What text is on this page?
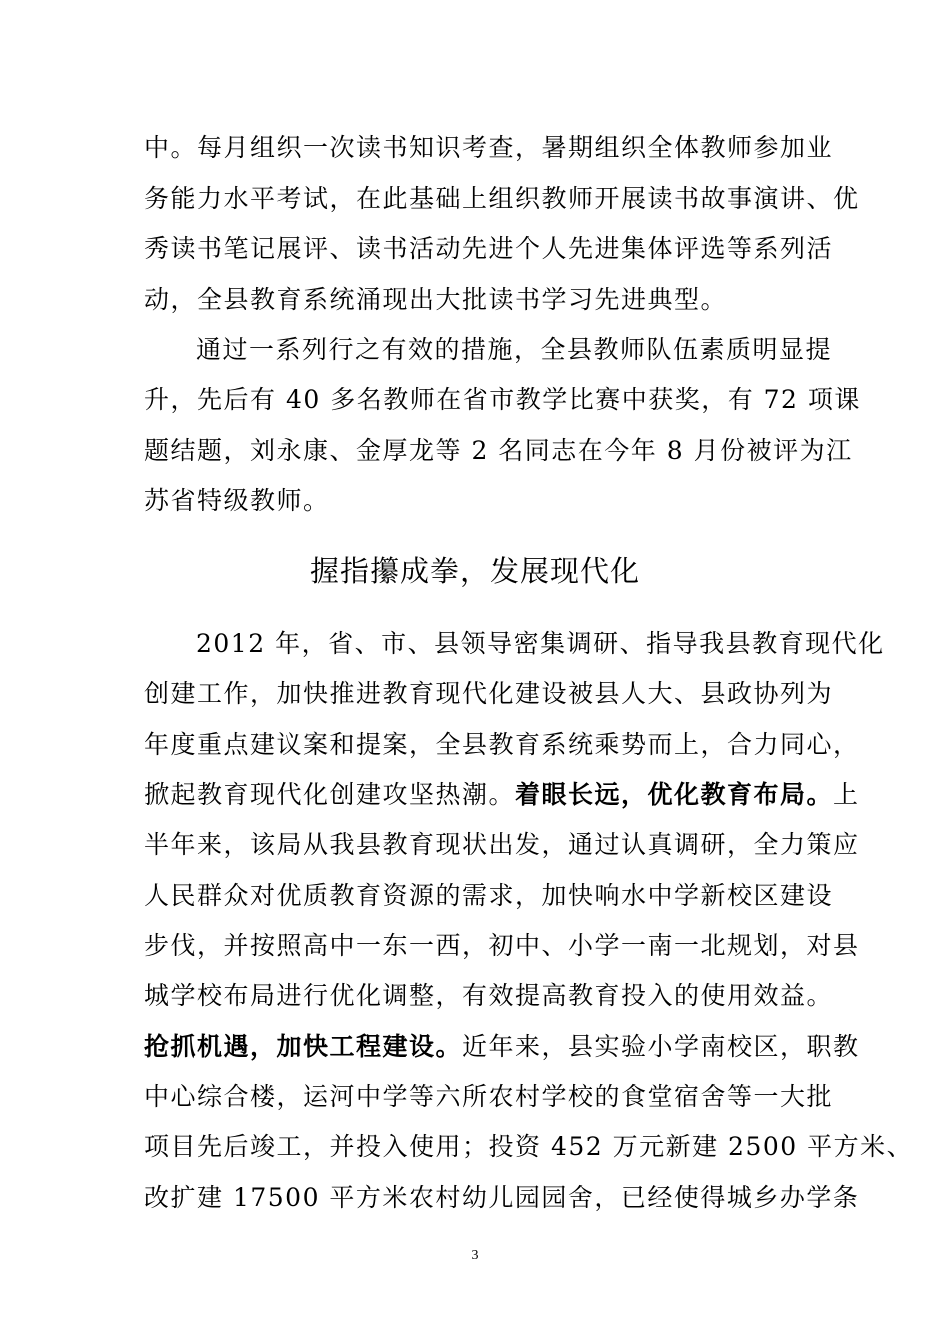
中。每月组织一次读书知识考查，暑期组织全体教师参加业
务能力水平考试，在此基础上组织教师开展读书故事演讲、优
秀读书笔记展评、读书活动先进个人先进集体评选等系列活
动，全县教育系统涌现出大批读书学习先进典型。
通过一系列行之有效的措施，全县教师队伍素质明显提
升，先后有 40 多名教师在省市教学比赛中获奖，有 72 项课
题结题，刘永康、金厚龙等 2 名同志在今年 8 月份被评为江
苏省特级教师。
握指攥成拳，发展现代化
2012 年，省、市、县领导密集调研、指导我县教育现代化
创建工作，加快推进教育现代化建设被县人大、县政协列为
年度重点建议案和提案，全县教育系统乘势而上，合力同心，
掀起教育现代化创建攻坚热潮。着眼长远，优化教育布局。上
半年来，该局从我县教育现状出发，通过认真调研，全力策应
人民群众对优质教育资源的需求，加快响水中学新校区建设
步伐，并按照高中一东一西，初中、小学一南一北规划，对县
城学校布局进行优化调整，有效提高教育投入的使用效益。
抢抓机遇，加快工程建设。近年来，县实验小学南校区，职教
中心综合楼，运河中学等六所农村学校的食堂宿舍等一大批
项目先后竣工，并投入使用；投资 452 万元新建 2500 平方米、
改扩建 17500 平方米农村幼儿园园舍，已经使得城乡办学条
3
